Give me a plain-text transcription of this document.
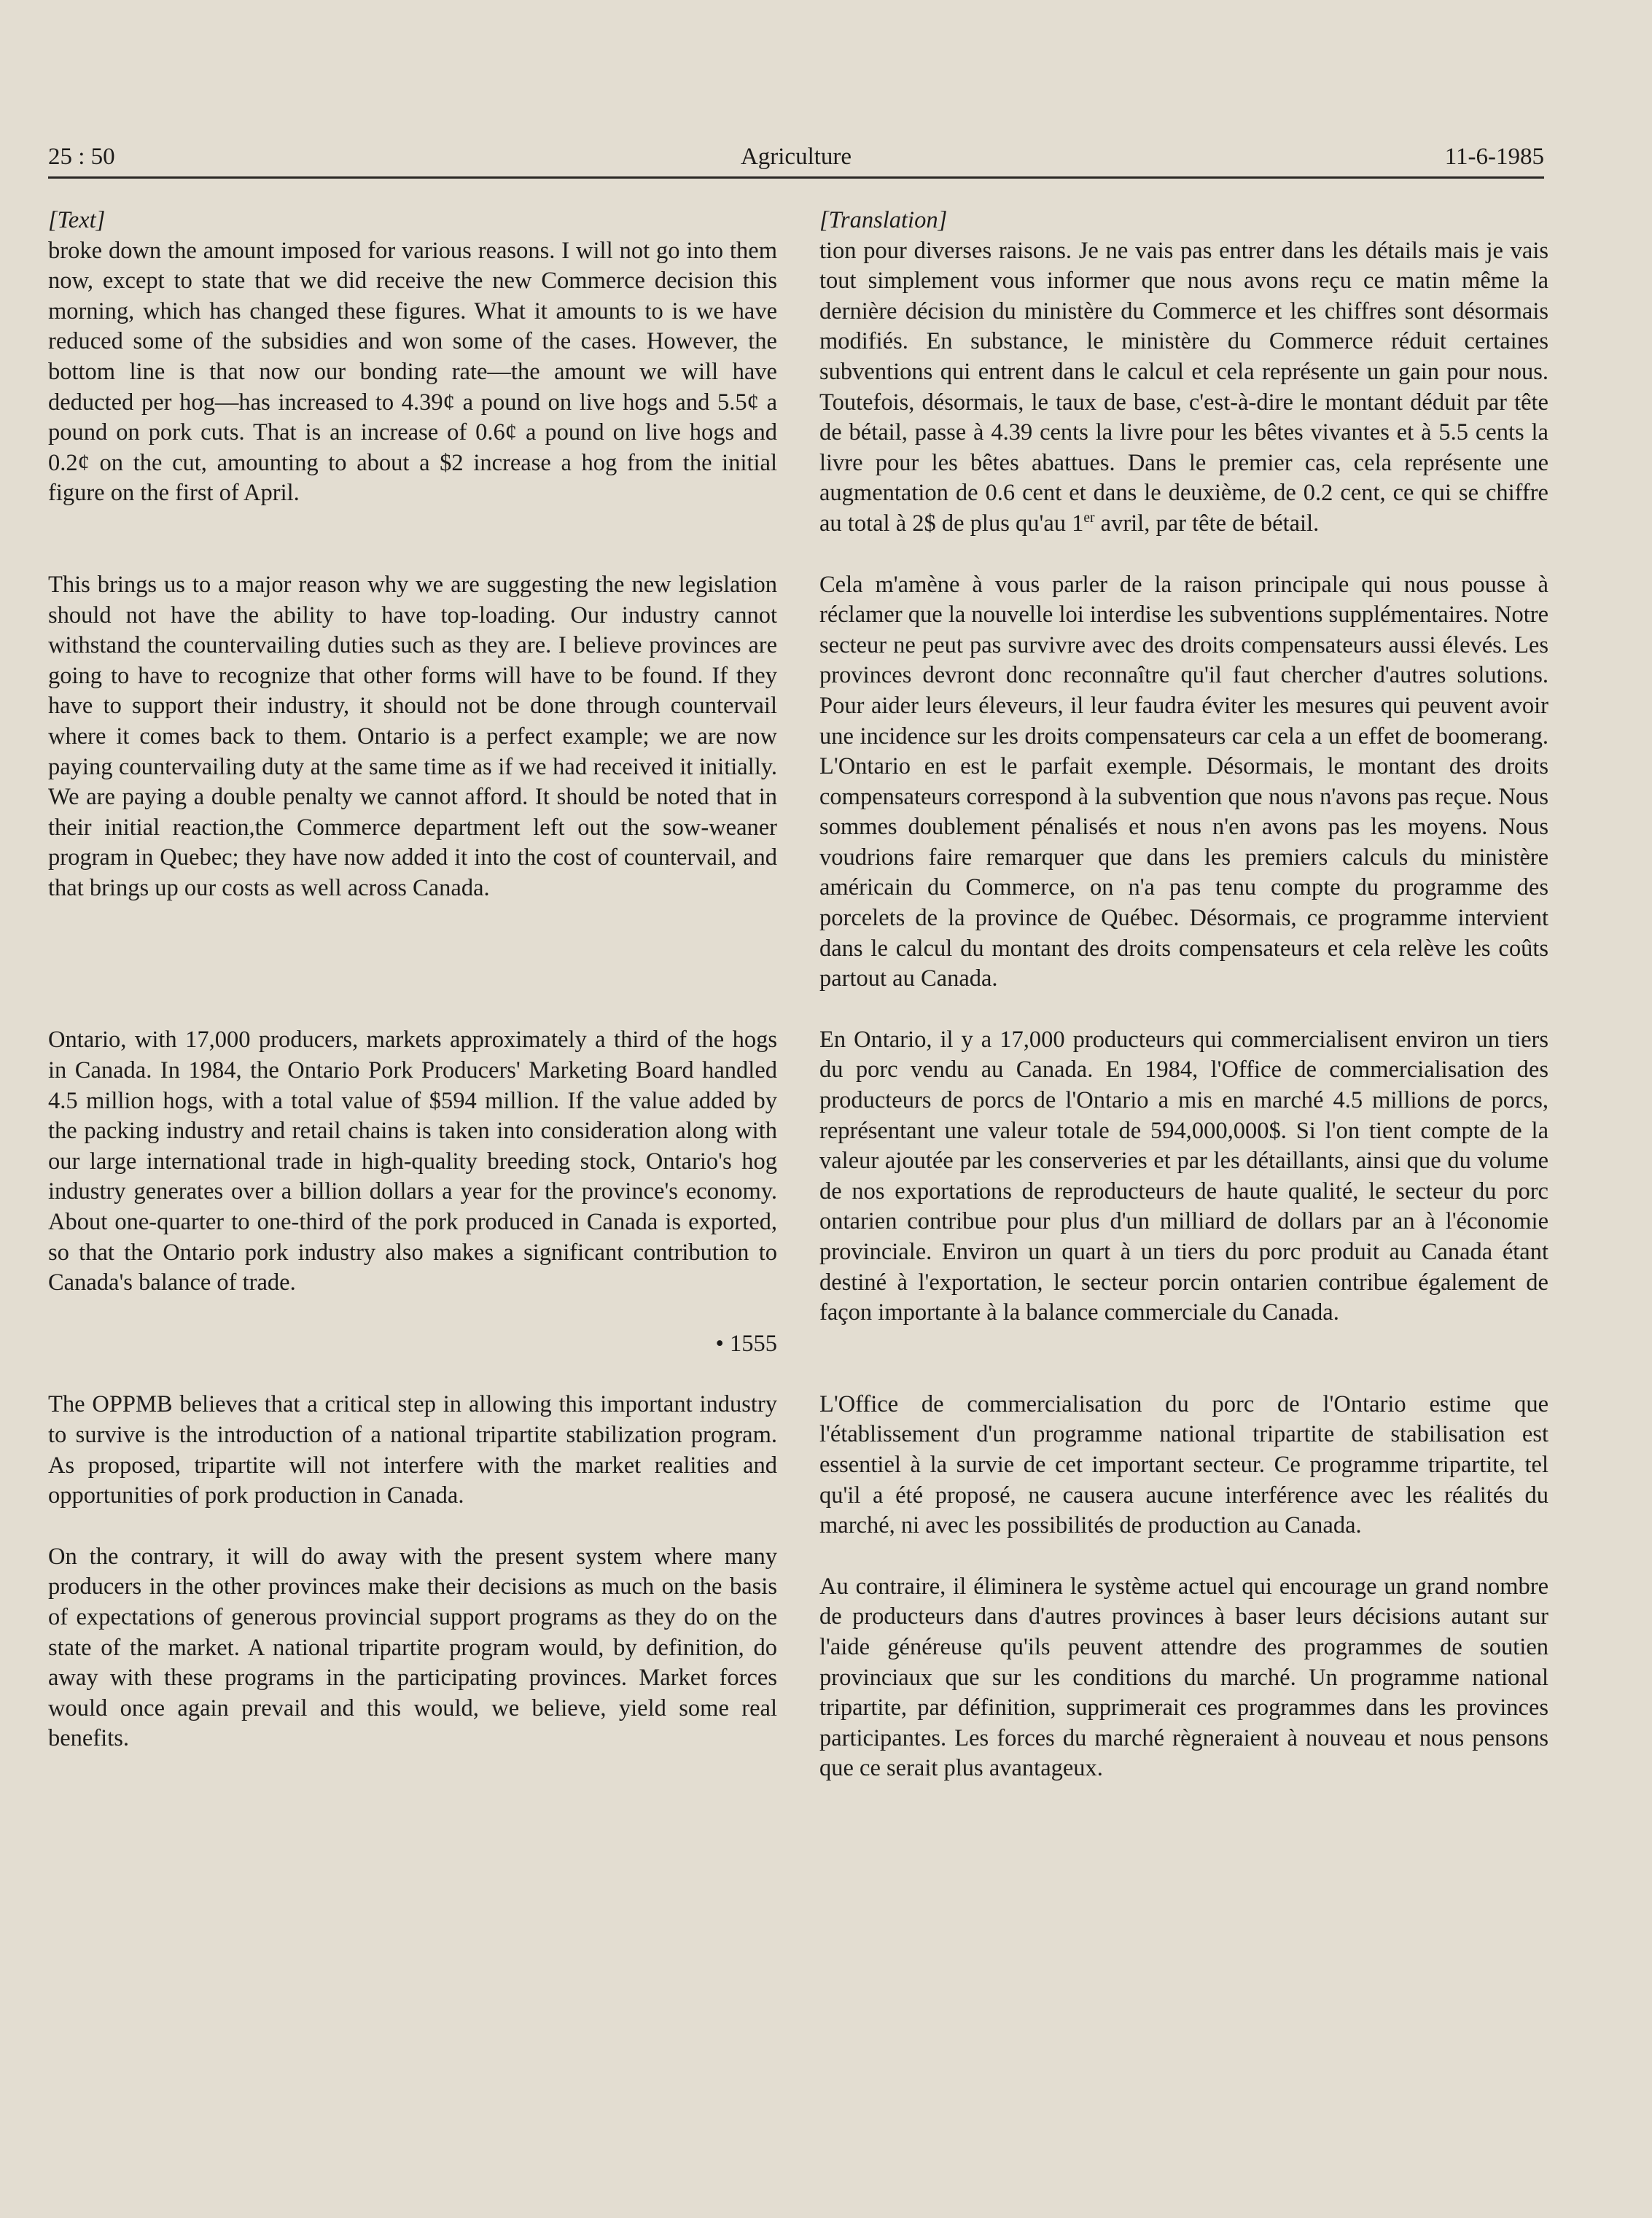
25 : 50	Agriculture	11-6-1985

[Text]

broke down the amount imposed for various reasons. I will not go into them now, except to state that we did receive the new Commerce decision this morning, which has changed these figures. What it amounts to is we have reduced some of the subsidies and won some of the cases. However, the bottom line is that now our bonding rate—the amount we will have deducted per hog—has increased to 4.39¢ a pound on live hogs and 5.5¢ a pound on pork cuts. That is an increase of 0.6¢ a pound on live hogs and 0.2¢ on the cut, amounting to about a $2 increase a hog from the initial figure on the first of April.

This brings us to a major reason why we are suggesting the new legislation should not have the ability to have top-loading. Our industry cannot withstand the countervailing duties such as they are. I believe provinces are going to have to recognize that other forms will have to be found. If they have to support their industry, it should not be done through countervail where it comes back to them. Ontario is a perfect example; we are now paying countervailing duty at the same time as if we had received it initially. We are paying a double penalty we cannot afford. It should be noted that in their initial reaction,the Commerce department left out the sow-weaner program in Quebec; they have now added it into the cost of countervail, and that brings up our costs as well across Canada.

Ontario, with 17,000 producers, markets approximately a third of the hogs in Canada. In 1984, the Ontario Pork Producers' Marketing Board handled 4.5 million hogs, with a total value of $594 million. If the value added by the packing industry and retail chains is taken into consideration along with our large international trade in high-quality breeding stock, Ontario's hog industry generates over a billion dollars a year for the province's economy. About one-quarter to one-third of the pork produced in Canada is exported, so that the Ontario pork industry also makes a significant contribution to Canada's balance of trade.

• 1555

The OPPMB believes that a critical step in allowing this important industry to survive is the introduction of a national tripartite stabilization program. As proposed, tripartite will not interfere with the market realities and opportunities of pork production in Canada.

On the contrary, it will do away with the present system where many producers in the other provinces make their decisions as much on the basis of expectations of generous provincial support programs as they do on the state of the market. A national tripartite program would, by definition, do away with these programs in the participating provinces. Market forces would once again prevail and this would, we believe, yield some real benefits.

[Translation]

tion pour diverses raisons. Je ne vais pas entrer dans les détails mais je vais tout simplement vous informer que nous avons reçu ce matin même la dernière décision du ministère du Commerce et les chiffres sont désormais modifiés. En substance, le ministère du Commerce réduit certaines subventions qui entrent dans le calcul et cela représente un gain pour nous. Toutefois, désormais, le taux de base, c'est-à-dire le montant déduit par tête de bétail, passe à 4.39 cents la livre pour les bêtes vivantes et à 5.5 cents la livre pour les bêtes abattues. Dans le premier cas, cela représente une augmentation de 0.6 cent et dans le deuxième, de 0.2 cent, ce qui se chiffre au total à 2$ de plus qu'au 1er avril, par tête de bétail.

Cela m'amène à vous parler de la raison principale qui nous pousse à réclamer que la nouvelle loi interdise les subventions supplémentaires. Notre secteur ne peut pas survivre avec des droits compensateurs aussi élevés. Les provinces devront donc reconnaître qu'il faut chercher d'autres solutions. Pour aider leurs éleveurs, il leur faudra éviter les mesures qui peuvent avoir une incidence sur les droits compensateurs car cela a un effet de boomerang. L'Ontario en est le parfait exemple. Désormais, le montant des droits compensateurs correspond à la subvention que nous n'avons pas reçue. Nous sommes doublement pénalisés et nous n'en avons pas les moyens. Nous voudrions faire remarquer que dans les premiers calculs du ministère américain du Commerce, on n'a pas tenu compte du programme des porcelets de la province de Québec. Désormais, ce programme intervient dans le calcul du montant des droits compensateurs et cela relève les coûts partout au Canada.

En Ontario, il y a 17,000 producteurs qui commercialisent environ un tiers du porc vendu au Canada. En 1984, l'Office de commercialisation des producteurs de porcs de l'Ontario a mis en marché 4.5 millions de porcs, représentant une valeur totale de 594,000,000$. Si l'on tient compte de la valeur ajoutée par les conserveries et par les détaillants, ainsi que du volume de nos exportations de reproducteurs de haute qualité, le secteur du porc ontarien contribue pour plus d'un milliard de dollars par an à l'économie provinciale. Environ un quart à un tiers du porc produit au Canada étant destiné à l'exportation, le secteur porcin ontarien contribue également de façon importante à la balance commerciale du Canada.

L'Office de commercialisation du porc de l'Ontario estime que l'établissement d'un programme national tripartite de stabilisation est essentiel à la survie de cet important secteur. Ce programme tripartite, tel qu'il a été proposé, ne causera aucune interférence avec les réalités du marché, ni avec les possibilités de production au Canada.

Au contraire, il éliminera le système actuel qui encourage un grand nombre de producteurs dans d'autres provinces à baser leurs décisions autant sur l'aide généreuse qu'ils peuvent attendre des programmes de soutien provinciaux que sur les conditions du marché. Un programme national tripartite, par définition, supprimerait ces programmes dans les provinces participantes. Les forces du marché règneraient à nouveau et nous pensons que ce serait plus avantageux.
